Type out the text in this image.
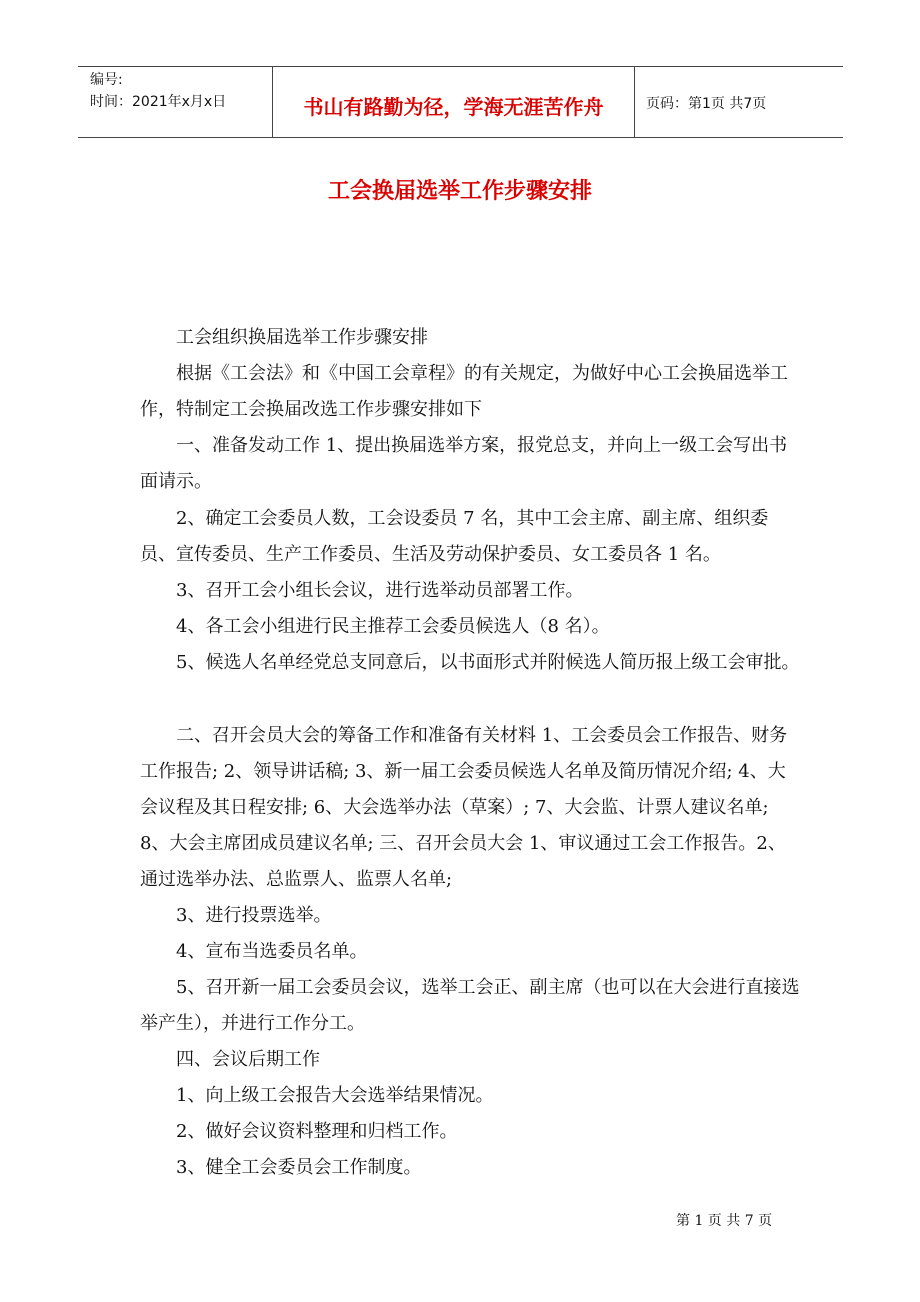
编号:
时间：2021年x月x日	书山有路勤为径，学海无涯苦作舟	页码：第1页 共7页
工会换届选举工作步骤安排

工会组织换届选举工作步骤安排

根据《工会法》和《中国工会章程》的有关规定，为做好中心工会换届选举工作，特制定工会换届改选工作步骤安排如下

一、准备发动工作 1、提出换届选举方案，报党总支，并向上一级工会写出书面请示。

2、确定工会委员人数，工会设委员 7 名，其中工会主席、副主席、组织委员、宣传委员、生产工作委员、生活及劳动保护委员、女工委员各 1 名。

3、召开工会小组长会议，进行选举动员部署工作。

4、各工会小组进行民主推荐工会委员候选人（8 名）。

5、候选人名单经党总支同意后，以书面形式并附候选人简历报上级工会审批。

二、召开会员大会的筹备工作和准备有关材料 1、工会委员会工作报告、财务工作报告; 2、领导讲话稿; 3、新一届工会委员候选人名单及简历情况介绍; 4、大会议程及其日程安排; 6、大会选举办法（草案）; 7、大会监、计票人建议名单; 8、大会主席团成员建议名单; 三、召开会员大会 1、审议通过工会工作报告。2、通过选举办法、总监票人、监票人名单;

3、进行投票选举。

4、宣布当选委员名单。

5、召开新一届工会委员会议，选举工会正、副主席（也可以在大会进行直接选举产生），并进行工作分工。

四、会议后期工作

1、向上级工会报告大会选举结果情况。

2、做好会议资料整理和归档工作。

3、健全工会委员会工作制度。

第 1 页 共 7 页
